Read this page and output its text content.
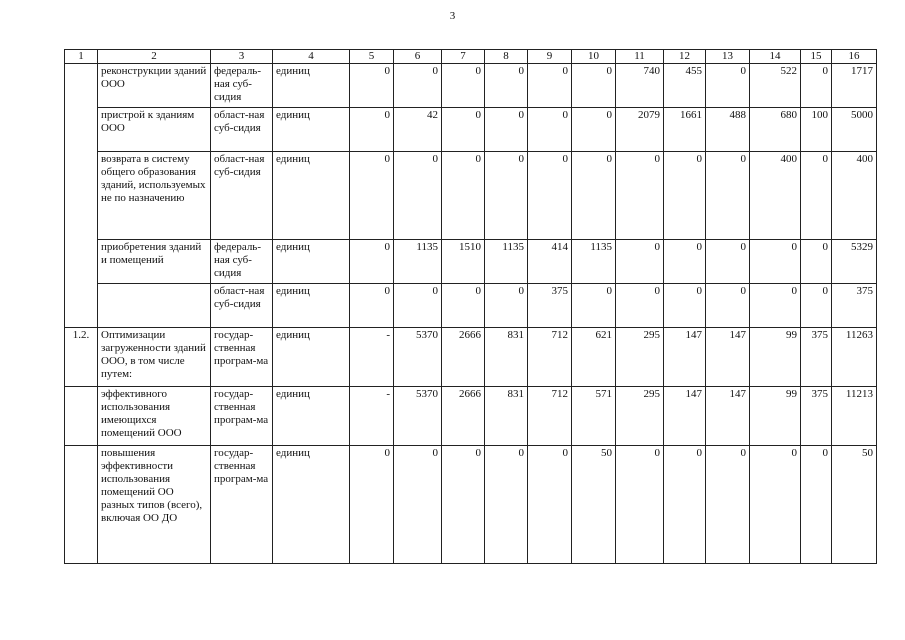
3
1	2	3	4	5	6	7	8	9	10	11	12	13	14	15	16
	реконструкции зданий ООО	федераль-ная суб-сидия	единиц	0	0	0	0	0	0	740	455	0	522	0	1717
	пристрой к зданиям ООО	област-ная суб-сидия	единиц	0	42	0	0	0	0	2079	1661	488	680	100	5000
	возврата в систему общего образования зданий, используемых не по назначению	област-ная суб-сидия	единиц	0	0	0	0	0	0	0	0	0	400	0	400
	приобретения зданий и помещений	федераль-ная суб-сидия	единиц	0	1135	1510	1135	414	1135	0	0	0	0	0	5329
		област-ная суб-сидия	единиц	0	0	0	0	375	0	0	0	0	0	0	375
1.2.	Оптимизации загруженности зданий ООО, в том числе путем:	государ-ственная програм-ма	единиц	-	5370	2666	831	712	621	295	147	147	99	375	11263
	эффективного использования имеющихся помещений ООО	государ-ственная програм-ма	единиц	-	5370	2666	831	712	571	295	147	147	99	375	11213
	повышения эффективности использования помещений ОО разных типов (всего), включая ОО ДО	государ-ственная програм-ма	единиц	0	0	0	0	0	50	0	0	0	0	0	50
